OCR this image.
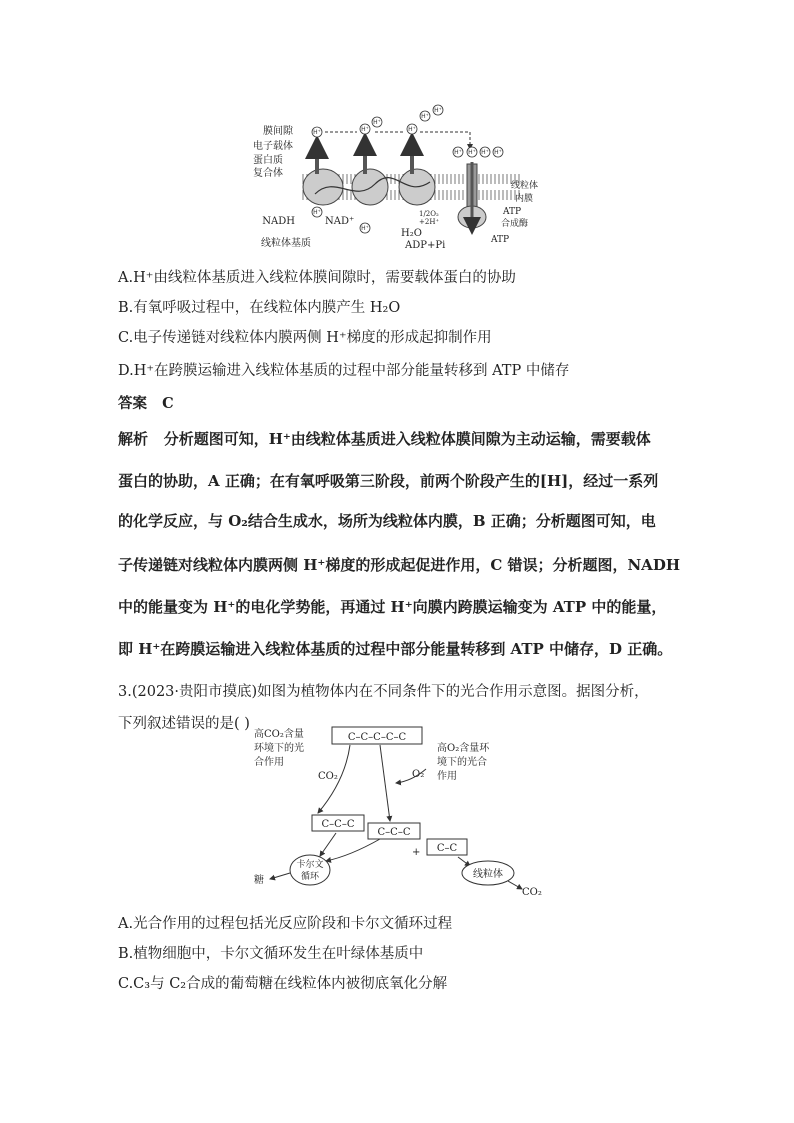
H⁺	H⁺
H⁺
H⁺
H⁺
H⁺
H⁺ H⁺ H⁺ H⁺
H⁺
H⁺
膜间隙
电子载体
蛋白质
复合体
NADH	NAD⁺
线粒体基质
线粒体
内膜
ATP
合成酶
1/2O₂
+2H⁺
H₂O
ADP+Pi	ATP
A.H⁺由线粒体基质进入线粒体膜间隙时，需要载体蛋白的协助
B.有氧呼吸过程中，在线粒体内膜产生 H₂O
C.电子传递链对线粒体内膜两侧 H⁺梯度的形成起抑制作用
D.H⁺在跨膜运输进入线粒体基质的过程中部分能量转移到 ATP 中储存
答案 C
解析 分析题图可知，H⁺由线粒体基质进入线粒体膜间隙为主动运输，需要载体
蛋白的协助，A 正确；在有氧呼吸第三阶段，前两个阶段产生的[H]，经过一系列
的化学反应，与 O₂结合生成水，场所为线粒体内膜，B 正确；分析题图可知，电
子传递链对线粒体内膜两侧 H⁺梯度的形成起促进作用，C 错误；分析题图，NADH
中的能量变为 H⁺的电化学势能，再通过 H⁺向膜内跨膜运输变为 ATP 中的能量，
即 H⁺在跨膜运输进入线粒体基质的过程中部分能量转移到 ATP 中储存，D 正确。
3.(2023·贵阳市摸底)如图为植物体内在不同条件下的光合作用示意图。据图分析，
下列叙述错误的是( )
高CO₂含量
环境下的光
合作用
C–C–C–C–C
高O₂含量环
境下的光合
作用
CO₂	O₂
C–C–C
C–C–C
+ C–C
卡尔文
循环
糖
线粒体
CO₂
A.光合作用的过程包括光反应阶段和卡尔文循环过程
B.植物细胞中，卡尔文循环发生在叶绿体基质中
C.C₃与 C₂合成的葡萄糖在线粒体内被彻底氧化分解
